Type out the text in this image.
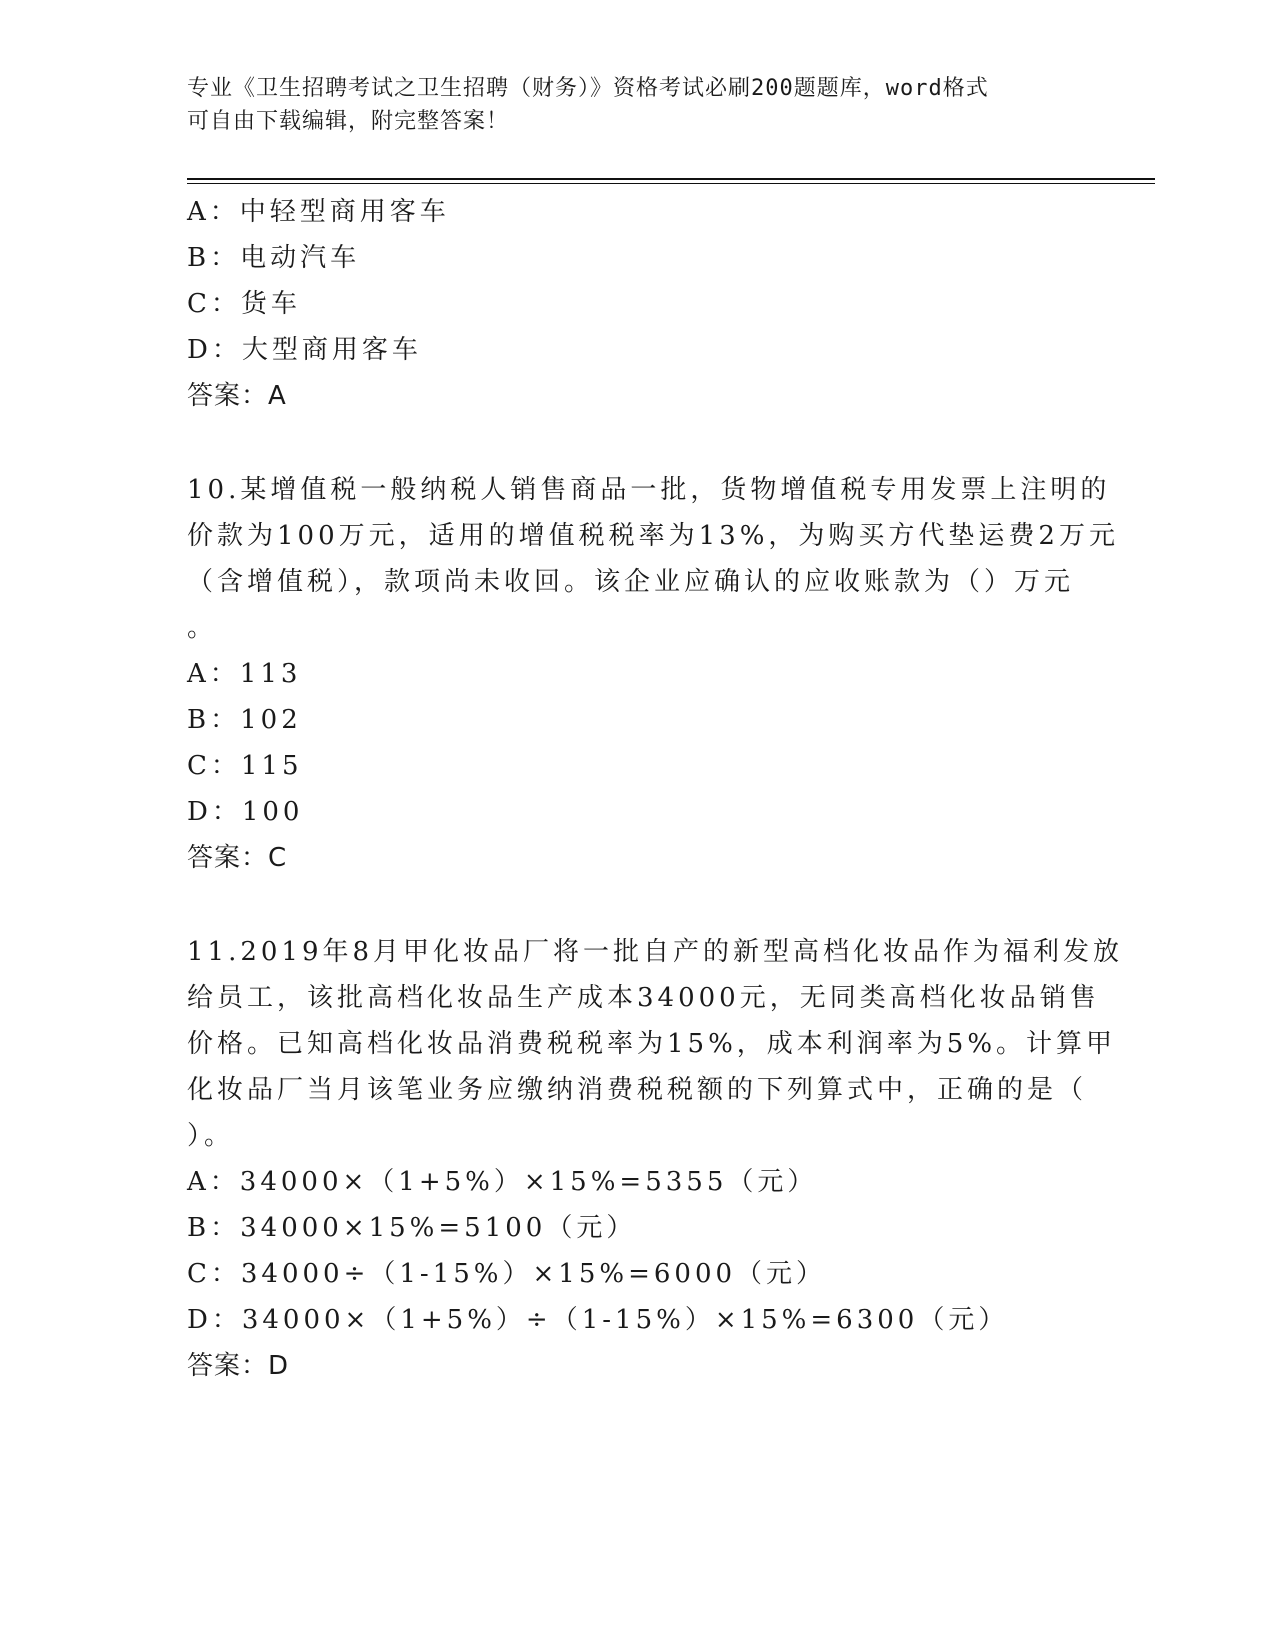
专业《卫生招聘考试之卫生招聘（财务）》资格考试必刷200题题库，word格式
可自由下载编辑，附完整答案！
A：中轻型商用客车
B：电动汽车
C：货车
D：大型商用客车
答案：A
10.某增值税一般纳税人销售商品一批，货物增值税专用发票上注明的
价款为100万元，适用的增值税税率为13%，为购买方代垫运费2万元
（含增值税），款项尚未收回。该企业应确认的应收账款为（）万元
。
A：113
B：102
C：115
D：100
答案：C
11.2019年8月甲化妆品厂将一批自产的新型高档化妆品作为福利发放
给员工，该批高档化妆品生产成本34000元，无同类高档化妆品销售
价格。已知高档化妆品消费税税率为15%，成本利润率为5%。计算甲
化妆品厂当月该笔业务应缴纳消费税税额的下列算式中，正确的是（
）。
A：34000×（1+5%）×15%=5355（元）
B：34000×15%=5100（元）
C：34000÷（1-15%）×15%=6000（元）
D：34000×（1+5%）÷（1-15%）×15%=6300（元）
答案：D
